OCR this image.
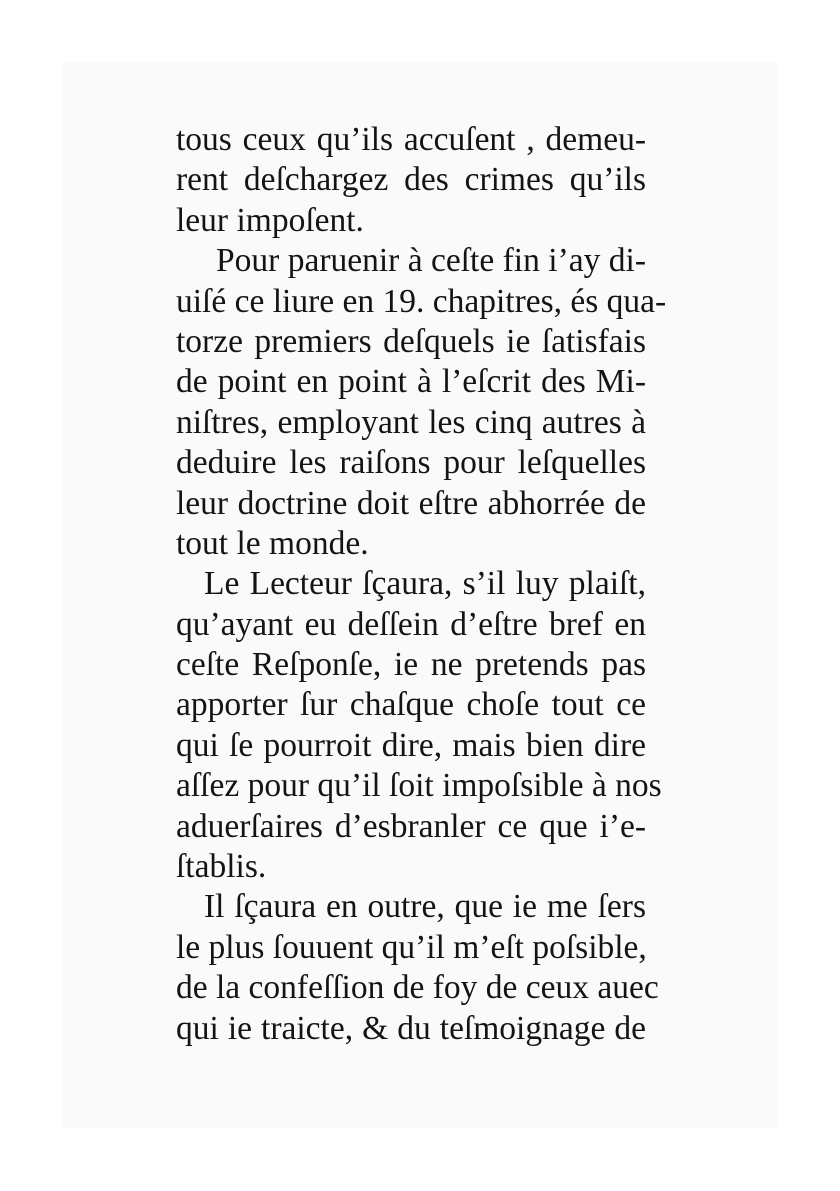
tous ceux qu’ils accuſent , demeu-
rent deſchargez des crimes qu’ils
leur impoſent.
Pour paruenir à ceſte fin i’ay di-
uiſé ce liure en 19. chapitres, és qua-
torze premiers deſquels ie ſatisfais
de point en point à l’eſcrit des Mi-
niſtres, employant les cinq autres à
deduire les raiſons pour leſquelles
leur doctrine doit eſtre abhorrée de
tout le monde.
Le Lecteur ſçaura, s’il luy plaiſt,
qu’ayant eu deſſein d’eſtre bref en
ceſte Reſponſe, ie ne pretends pas
apporter ſur chaſque choſe tout ce
qui ſe pourroit dire, mais bien dire
aſſez pour qu’il ſoit impoſsible à nos
aduerſaires d’esbranler ce que i’e-
ſtablis.
Il ſçaura en outre, que ie me ſers
le plus ſouuent qu’il m’eſt poſsible,
de la confeſſion de foy de ceux auec
qui ie traicte, & du teſmoignage de
